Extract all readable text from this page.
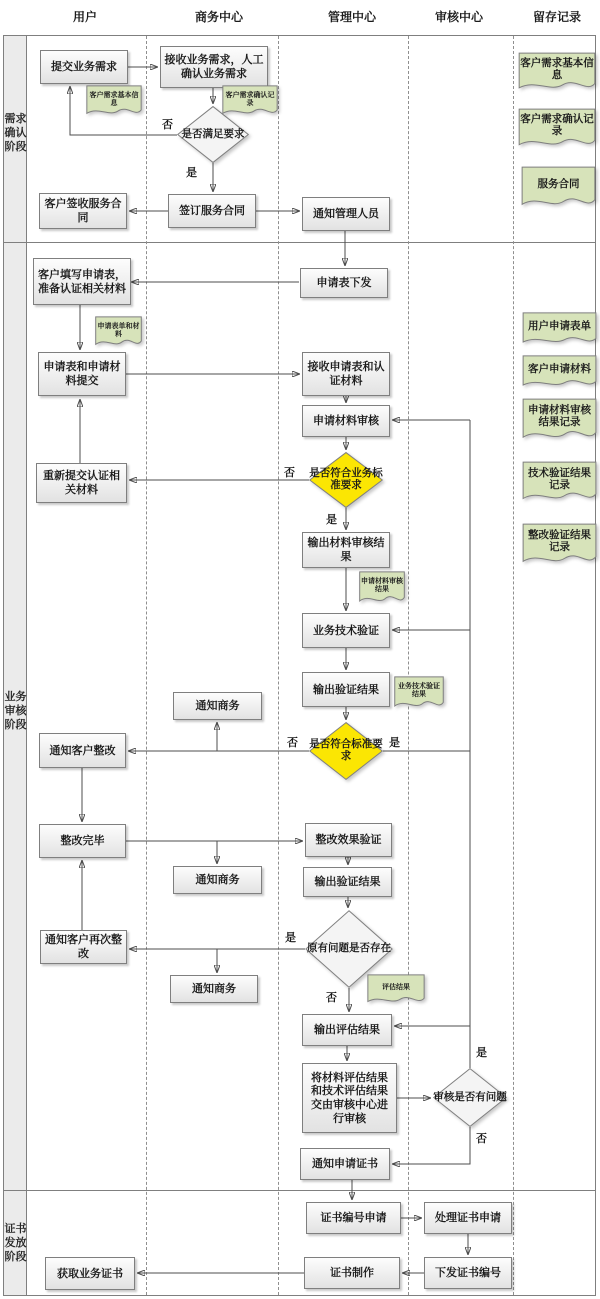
用户	商务中心	管理中心	审核中心	留存记录
需求确认阶段
业务审核阶段
证书发放阶段
提交业务需求
接收业务需求，人工确认业务需求
客户签收服务合同
签订服务合同	通知管理人员
申请表下发
客户填写申请表，准备认证相关材料
申请表和申请材料提交
接收申请表和认证材料
申请材料审核
重新提交认证相关材料
输出材料审核结果
业务技术验证
输出验证结果
通知商务
通知客户整改
整改完毕
通知商务
整改效果验证
输出验证结果
通知客户再次整改
通知商务
输出评估结果
将材料评估结果和技术评估结果交由审核中心进行审核
通知申请证书
证书编号申请	处理证书申请
下发证书编号
证书制作
获取业务证书
是否满足要求
是否符合业务标准要求
是否符合标准要求
原有问题是否存在
审核是否有问题
否
是
否
是
否	是
是
否
是
否
客户需求基本信息
客户需求确认记录
申请表单和材料
申请材料审核结果
业务技术验证结果
评估结果
客户需求基本信息
客户需求确认记录
服务合同
用户申请表单
客户申请材料
申请材料审核结果记录
技术验证结果记录
整改验证结果记录
